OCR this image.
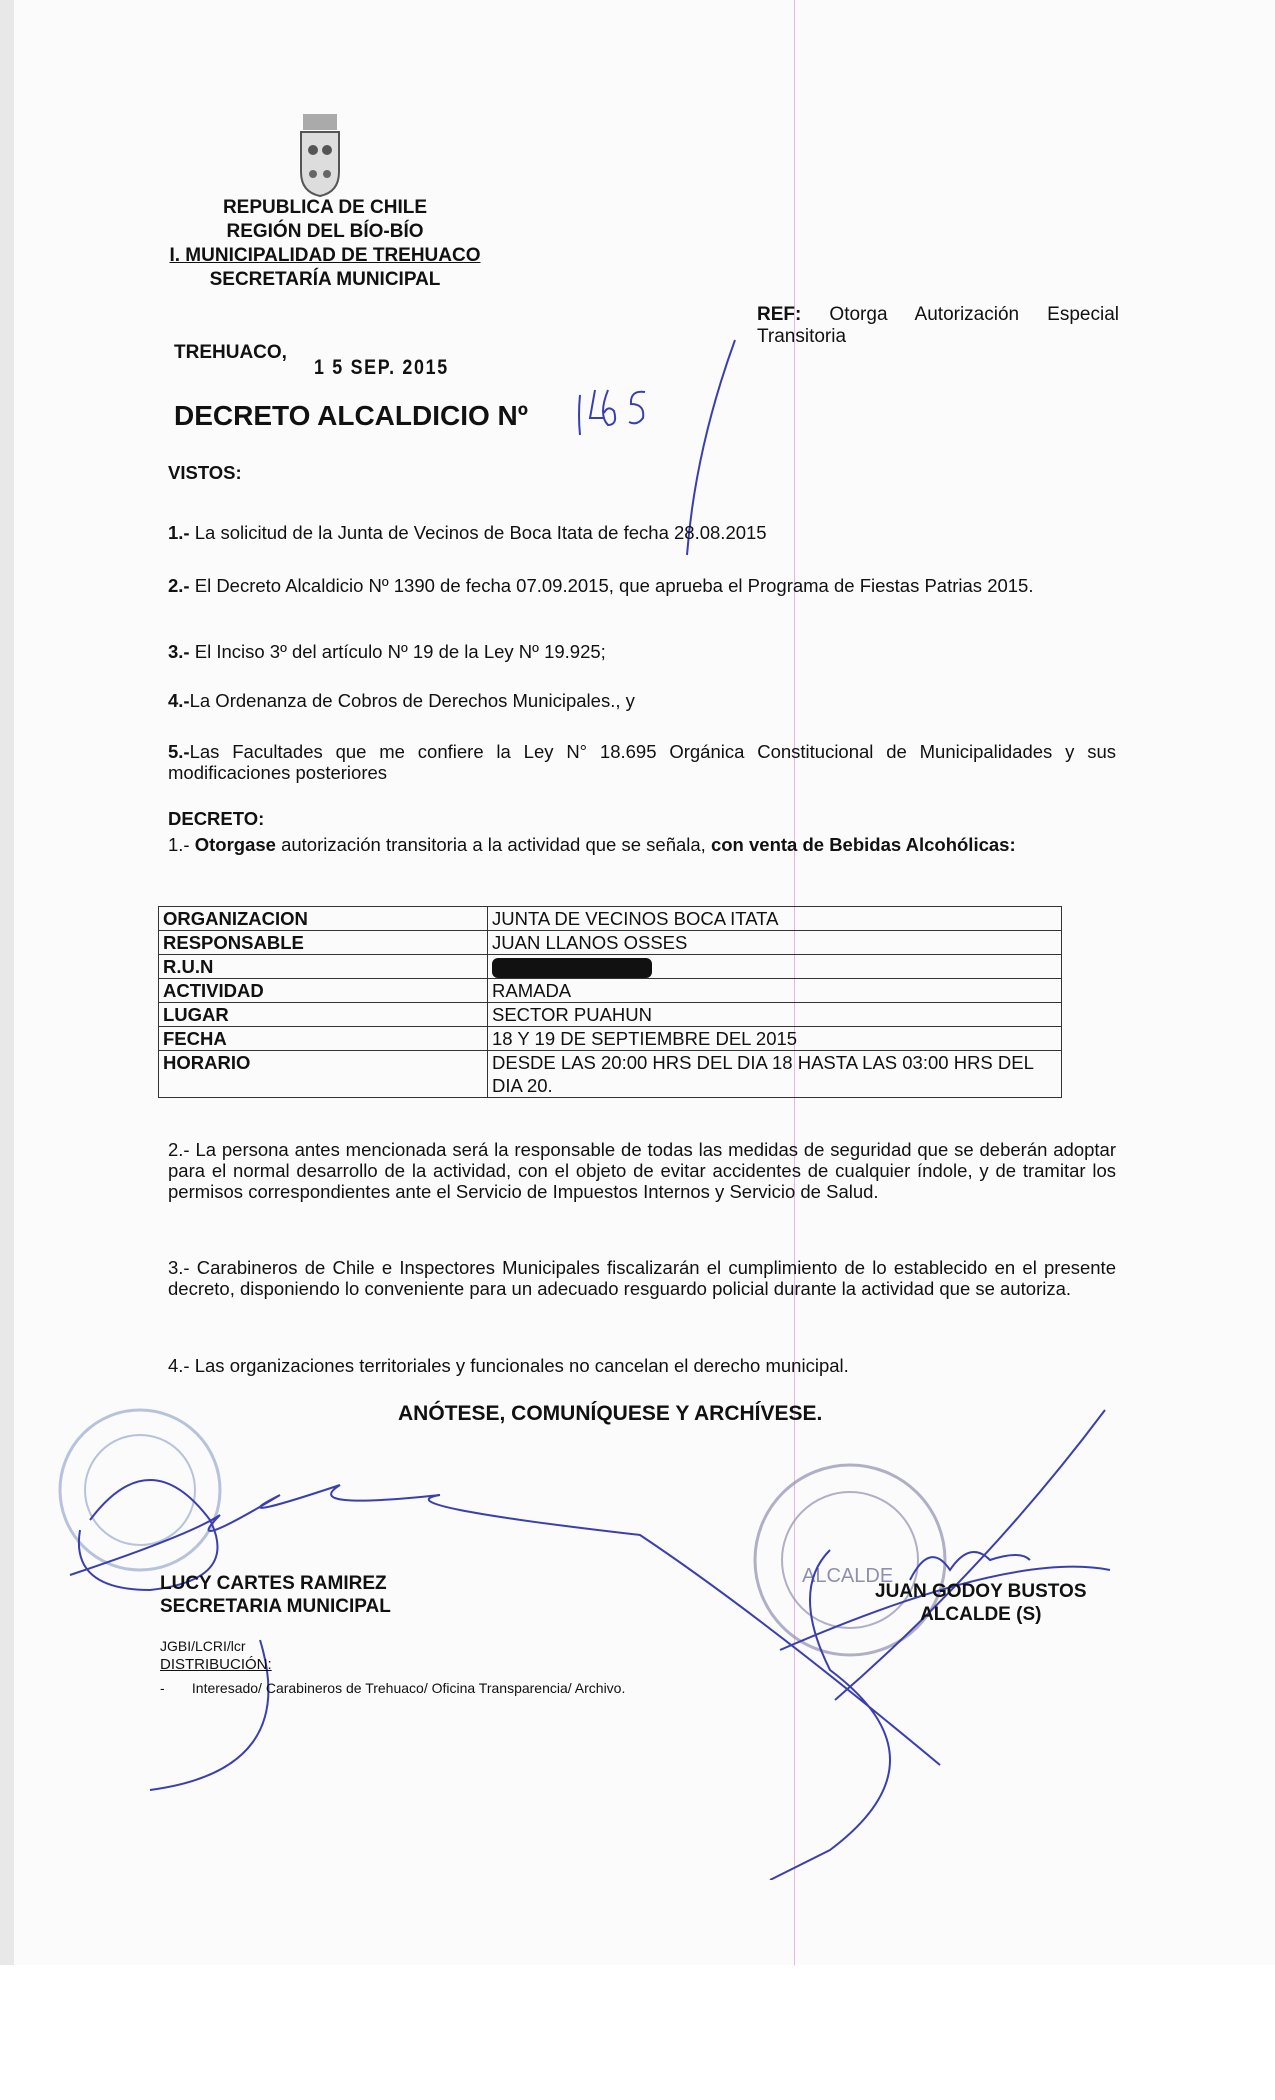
REPUBLICA DE CHILE
REGIÓN DEL BÍO-BÍO
I. MUNICIPALIDAD DE TREHUACO
SECRETARÍA MUNICIPAL
REF: Otorga Autorización Especial Transitoria
TREHUACO,
1 5 SEP. 2015
DECRETO ALCALDICIO Nº
VISTOS:
1.- La solicitud de la Junta de Vecinos de Boca Itata de fecha 28.08.2015
2.- El Decreto Alcaldicio Nº 1390 de fecha 07.09.2015, que aprueba el Programa de Fiestas Patrias 2015.
3.- El Inciso 3º del artículo Nº 19 de la Ley Nº 19.925;
4.-La Ordenanza de Cobros de Derechos Municipales., y
5.-Las Facultades que me confiere la Ley N° 18.695 Orgánica Constitucional de Municipalidades y sus modificaciones posteriores
DECRETO:
1.- Otorgase autorización transitoria a la actividad que se señala, con venta de Bebidas Alcohólicas:
ORGANIZACION	JUNTA DE VECINOS BOCA ITATA
RESPONSABLE	JUAN LLANOS OSSES
R.U.N	
ACTIVIDAD	RAMADA
LUGAR	SECTOR PUAHUN
FECHA	18 Y 19 DE SEPTIEMBRE DEL 2015
HORARIO	DESDE LAS 20:00 HRS DEL DIA 18 HASTA LAS 03:00 HRS DEL DIA 20.
2.- La persona antes mencionada será la responsable de todas las medidas de seguridad que se deberán adoptar para el normal desarrollo de la actividad, con el objeto de evitar accidentes de cualquier índole, y de tramitar los permisos correspondientes ante el Servicio de Impuestos Internos y Servicio de Salud.
3.- Carabineros de Chile e Inspectores Municipales fiscalizarán el cumplimiento de lo establecido en el presente decreto, disponiendo lo conveniente para un adecuado resguardo policial durante la actividad que se autoriza.
4.- Las organizaciones territoriales y funcionales no cancelan el derecho municipal.
ANÓTESE, COMUNÍQUESE Y ARCHÍVESE.
ALCALDE
LUCY CARTES RAMIREZ
SECRETARIA MUNICIPAL
JUAN GODOY BUSTOS
ALCALDE (S)
JGBI/LCRI/lcr
DISTRIBUCIÓN:
-       Interesado/ Carabineros de Trehuaco/ Oficina Transparencia/ Archivo.
